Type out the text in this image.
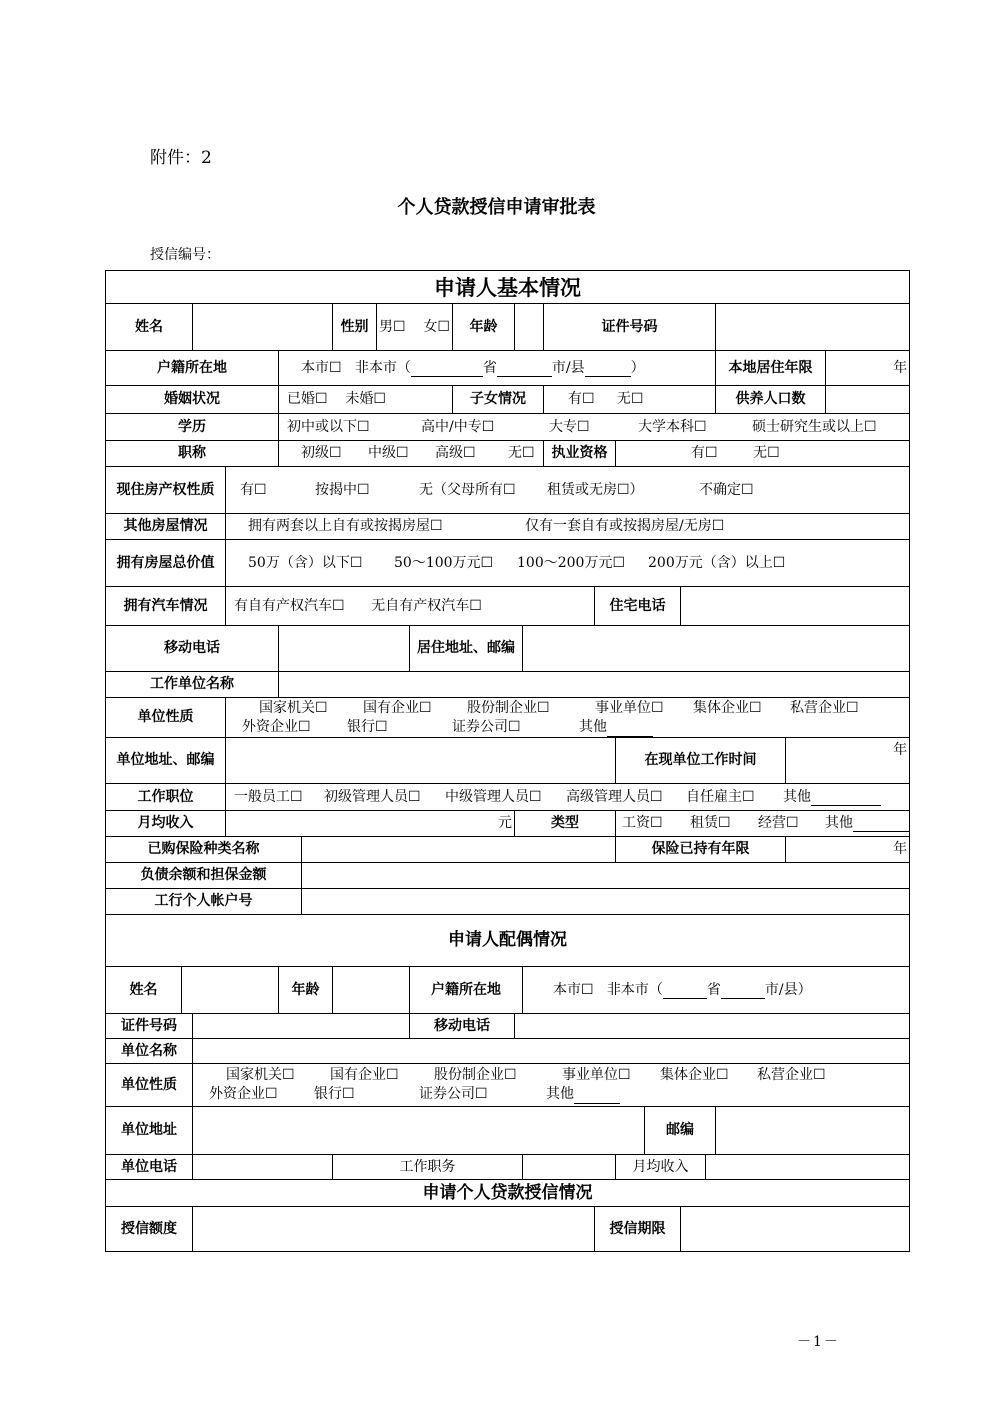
附件：2
个人贷款授信申请审批表
授信编号：
申请人基本情况																				
姓名						性别	男☐ 女☐		年龄			证件号码								
户籍所在地				本市☐ 非本市（ 省 市/县 ）														本地居住年限		年
婚姻状况				已婚☐ 未婚☐					子女情况			有☐ 无☐						供养人口数		
学历				初中或以下☐ 高中/中专☐ 大专☐ 大学本科☐ 硕士研究生或以上☐																
职称				初级☐ 中级☐ 高级☐ 无☐								执业资格		有☐ 无☐						
现住房产权性质			有☐ 按揭中☐ 无（父母所有☐ 租赁或无房☐） 不确定☐																	
其他房屋情况			拥有两套以上自有或按揭房屋☐ 仅有一套自有或按揭房屋/无房☐																	
拥有房屋总价值			50万（含）以下☐ 50～100万元☐ 100～200万元☐ 200万元（含）以上☐																	
拥有汽车情况			有自有产权汽车☐ 无自有产权汽车☐										住宅电话							
移动电话								居住地址、邮编												
工作单位名称																				
单位性质			国家机关☐ 国有企业☐ 股份制企业☐ 事业单位☐ 集体企业☐ 私营企业☐
外资企业☐ 银行☐ 证券公司☐ 其他																	

单位地址、邮编														在现单位工作时间					年	
工作职位			一般员工☐ 初级管理人员☐ 中级管理人员☐ 高级管理人员☐ 自任雇主☐ 其他																	
月均收入			元							类型				工资☐ 租赁☐ 经营☐ 其他						
已购保险种类名称														保险已持有年限					年	
负债余额和担保金额																				
工行个人帐户号																				
申请人配偶情况																				
姓名				年龄				户籍所在地			本市☐ 非本市（ 省 市/县）									
证件号码								移动电话												
单位名称																				
单位性质		国家机关☐ 国有企业☐ 股份制企业☐ 事业单位☐ 集体企业☐ 私营企业☐
外资企业☐ 银行☐ 证券公司☐ 其他																		

单位地址															邮编					
单位电话						工作职务								月均收入						
申请个人贷款授信情况																				
授信额度													授信期限							
－1－
